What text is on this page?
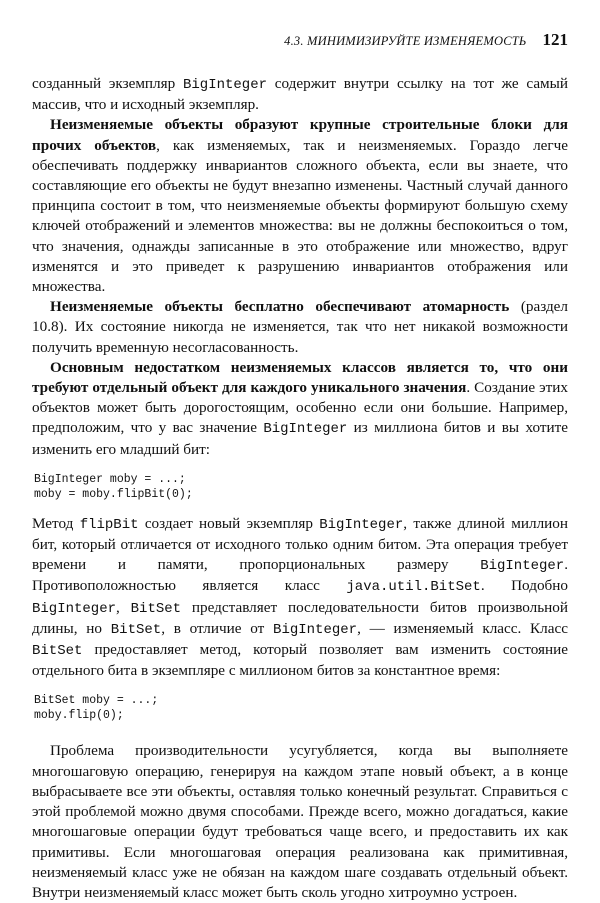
4.3. МИНИМИЗИРУЙТЕ ИЗМЕНЯЕМОСТЬ 121

созданный экземпляр BigInteger содержит внутри ссылку на тот же самый массив, что и исходный экземпляр.

Неизменяемые объекты образуют крупные строительные блоки для прочих объектов, как изменяемых, так и неизменяемых. Гораздо легче обеспечивать поддержку инвариантов сложного объекта, если вы знаете, что составляющие его объекты не будут внезапно изменены. Частный случай данного принципа состоит в том, что неизменяемые объекты формируют большую схему ключей отображений и элементов множества: вы не должны беспокоиться о том, что значения, однажды записанные в это отображение или множество, вдруг изменятся и это приведет к разрушению инвариантов отображения или множества.

Неизменяемые объекты бесплатно обеспечивают атомарность (раздел 10.8). Их состояние никогда не изменяется, так что нет никакой возможности получить временную несогласованность.

Основным недостатком неизменяемых классов является то, что они требуют отдельный объект для каждого уникального значения. Создание этих объектов может быть дорогостоящим, особенно если они большие. Например, предположим, что у вас значение BigInteger из миллиона битов и вы хотите изменить его младший бит:

BigInteger moby = ...;
moby = moby.flipBit(0);

Метод flipBit создает новый экземпляр BigInteger, также длиной миллион бит, который отличается от исходного только одним битом. Эта операция требует времени и памяти, пропорциональных размеру BigInteger. Противоположностью является класс java.util.BitSet. Подобно BigInteger, BitSet представляет последовательности битов произвольной длины, но BitSet, в отличие от BigInteger, — изменяемый класс. Класс BitSet предоставляет метод, который позволяет вам изменить состояние отдельного бита в экземпляре с миллионом битов за константное время:

BitSet moby = ...;
moby.flip(0);

Проблема производительности усугубляется, когда вы выполняете многошаговую операцию, генерируя на каждом этапе новый объект, а в конце выбрасываете все эти объекты, оставляя только конечный результат. Справиться с этой проблемой можно двумя способами. Прежде всего, можно догадаться, какие многошаговые операции будут требоваться чаще всего, и предоставить их как примитивы. Если многошаговая операция реализована как примитивная, неизменяемый класс уже не обязан на каждом шаге создавать отдельный объект. Внутри неизменяемый класс может быть сколь угодно хитроумно устроен.
